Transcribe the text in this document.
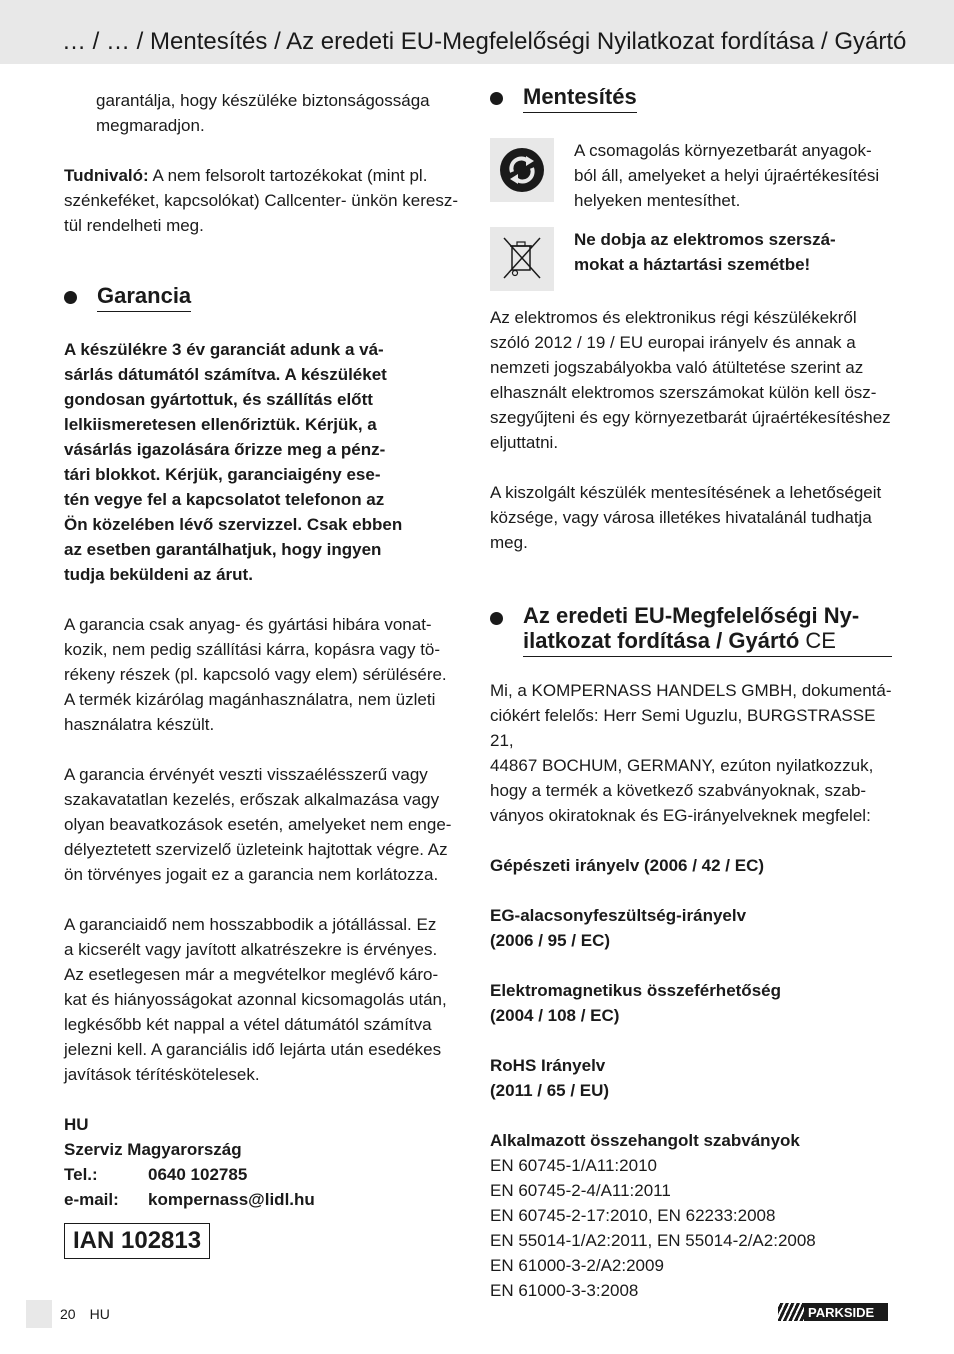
… / … / Mentesítés / Az eredeti EU-Megfelelőségi Nyilatkozat fordítása / Gyártó
garantálja, hogy készüléke biztonságossága
megmaradjon.
Tudnivaló: A nem felsorolt tartozékokat (mint pl.
szénkeféket, kapcsolókat) Callcenter- ünkön keresz-
tül rendelheti meg.
Garancia
A készülékre 3 év garanciát adunk a vá-
sárlás dátumától számítva. A készüléket
gondosan gyártottuk, és szállítás előtt
lelkiismeretesen ellenőriztük. Kérjük, a
vásárlás igazolására őrizze meg a pénz-
tári blokkot. Kérjük, garanciaigény ese-
tén vegye fel a kapcsolatot telefonon az
Ön közelében lévő szervizzel. Csak ebben
az esetben garantálhatjuk, hogy ingyen
tudja beküldeni az árut.
A garancia csak anyag- és gyártási hibára vonat-
kozik, nem pedig szállítási kárra, kopásra vagy tö-
rékeny részek (pl. kapcsoló vagy elem) sérülésére.
A termék kizárólag magánhasználatra, nem üzleti
használatra készült.
A garancia érvényét veszti visszaélésszerű vagy
szakavatatlan kezelés, erőszak alkalmazása vagy
olyan beavatkozások esetén, amelyeket nem enge-
délyeztetett szervizelő üzleteink hajtottak végre. Az
ön törvényes jogait ez a garancia nem korlátozza.
A garanciaidő nem hosszabbodik a jótállással. Ez
a kicserélt vagy javított alkatrészekre is érvényes.
Az esetlegesen már a megvételkor meglévő káro-
kat és hiányosságokat azonnal kicsomagolás után,
legkésőbb két nappal a vétel dátumától számítva
jelezni kell. A garanciális idő lejárta után esedékes
javítások térítéskötelesek.
HU
Szerviz Magyarország
Tel.:	0640 102785
e-mail:	kompernass@lidl.hu
IAN 102813
Mentesítés
A csomagolás környezetbarát anyagok-
ból áll, amelyeket a helyi újraértékesítési
helyeken mentesíthet.
Ne dobja az elektromos szerszá-
mokat a háztartási szemétbe!
Az elektromos és elektronikus régi készülékekről
szóló 2012 / 19 / EU europai irányelv és annak a
nemzeti jogszabályokba való átültetése szerint az
elhasznált elektromos szerszámokat külön kell ösz-
szegyűjteni és egy környezetbarát újraértékesítéshez
eljuttatni.
A kiszolgált készülék mentesítésének a lehetőségeit
községe, vagy városa illetékes hivatalánál tudhatja
meg.
Az eredeti EU-Megfelelőségi Ny-
ilatkozat fordítása / Gyártó CE
Mi, a KOMPERNASS HANDELS GMBH, dokumentá-
ciókért felelős: Herr Semi Uguzlu, BURGSTRASSE 21,
44867 BOCHUM, GERMANY, ezúton nyilatkozzuk,
hogy a termék a következő szabványoknak, szab-
ványos okiratoknak és EG-irányelveknek megfelel:
Gépészeti irányelv (2006 / 42 / EC)
EG-alacsonyfeszültség-irányelv
(2006 / 95 / EC)
Elektromagnetikus összeférhetőség
(2004 / 108 / EC)
RoHS Irányelv
(2011 / 65 / EU)
Alkalmazott összehangolt szabványok
EN 60745-1/A11:2010
EN 60745-2-4/A11:2011
EN 60745-2-17:2010, EN 62233:2008
EN 55014-1/A2:2011, EN 55014-2/A2:2008
EN 61000-3-2/A2:2009
EN 61000-3-3:2008
20 HU	PARKSIDE
